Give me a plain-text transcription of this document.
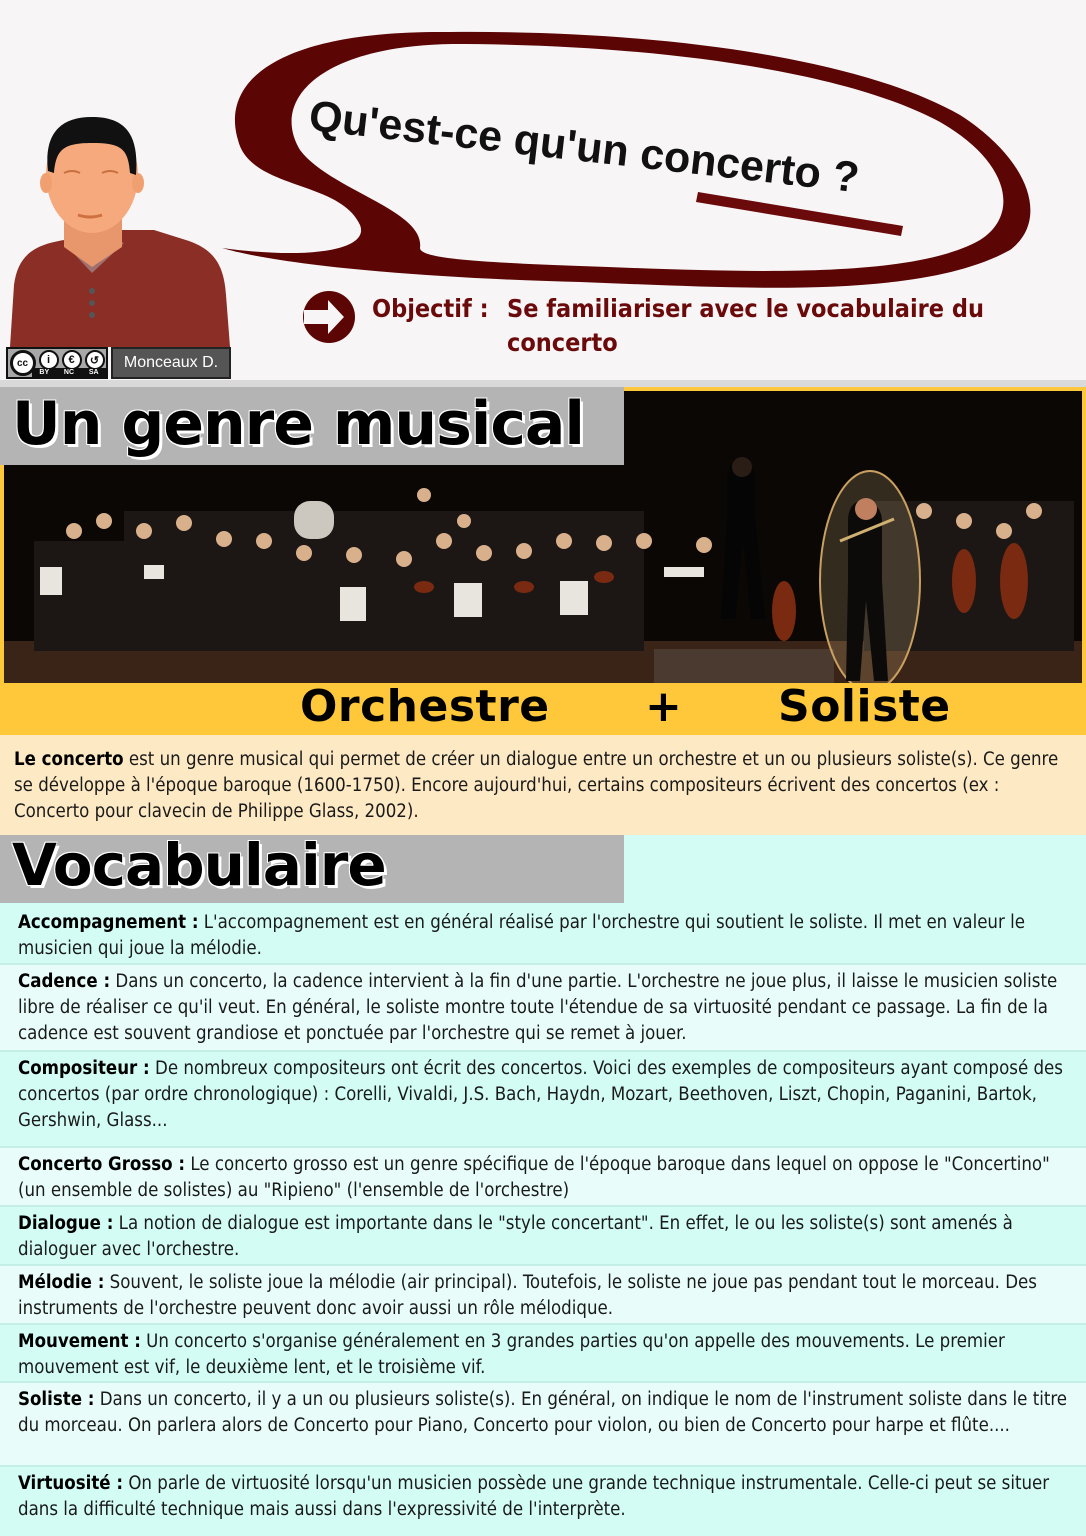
Qu'est-ce qu'un concerto ?
cc	i	€	↺
BY NC SA
Monceaux D.
Objectif : Se familiariser avec le vocabulaire du concerto
Un genre musical
Orchestre + Soliste
Le concerto est un genre musical qui permet de créer un dialogue entre un orchestre et un ou plusieurs soliste(s). Ce genre se développe à l'époque baroque (1600-1750). Encore aujourd'hui, certains compositeurs écrivent des concertos (ex : Concerto pour clavecin de Philippe Glass, 2002).
Vocabulaire
Accompagnement : L'accompagnement est en général réalisé par l'orchestre qui soutient le soliste. Il met en valeur le musicien qui joue la mélodie.
Cadence : Dans un concerto, la cadence intervient à la fin d'une partie. L'orchestre ne joue plus, il laisse le musicien soliste libre de réaliser ce qu'il veut. En général, le soliste montre toute l'étendue de sa virtuosité pendant ce passage. La fin de la cadence est souvent grandiose et ponctuée par l'orchestre qui se remet à jouer.
Compositeur : De nombreux compositeurs ont écrit des concertos. Voici des exemples de compositeurs ayant composé des concertos (par ordre chronologique) : Corelli, Vivaldi, J.S. Bach, Haydn, Mozart, Beethoven, Liszt, Chopin, Paganini, Bartok, Gershwin, Glass...
Concerto Grosso : Le concerto grosso est un genre spécifique de l'époque baroque dans lequel on oppose le "Concertino" (un ensemble de solistes) au "Ripieno" (l'ensemble de l'orchestre)
Dialogue : La notion de dialogue est importante dans le "style concertant". En effet, le ou les soliste(s) sont amenés à dialoguer avec l'orchestre.
Mélodie : Souvent, le soliste joue la mélodie (air principal). Toutefois, le soliste ne joue pas pendant tout le morceau. Des instruments de l'orchestre peuvent donc avoir aussi un rôle mélodique.
Mouvement : Un concerto s'organise généralement en 3 grandes parties qu'on appelle des mouvements. Le premier mouvement est vif, le deuxième lent, et le troisième vif.
Soliste : Dans un concerto, il y a un ou plusieurs soliste(s). En général, on indique le nom de l'instrument soliste dans le titre du morceau. On parlera alors de Concerto pour Piano, Concerto pour violon, ou bien de Concerto pour harpe et flûte....
Virtuosité : On parle de virtuosité lorsqu'un musicien possède une grande technique instrumentale. Celle-ci peut se situer dans la difficulté technique mais aussi dans l'expressivité de l'interprète.
